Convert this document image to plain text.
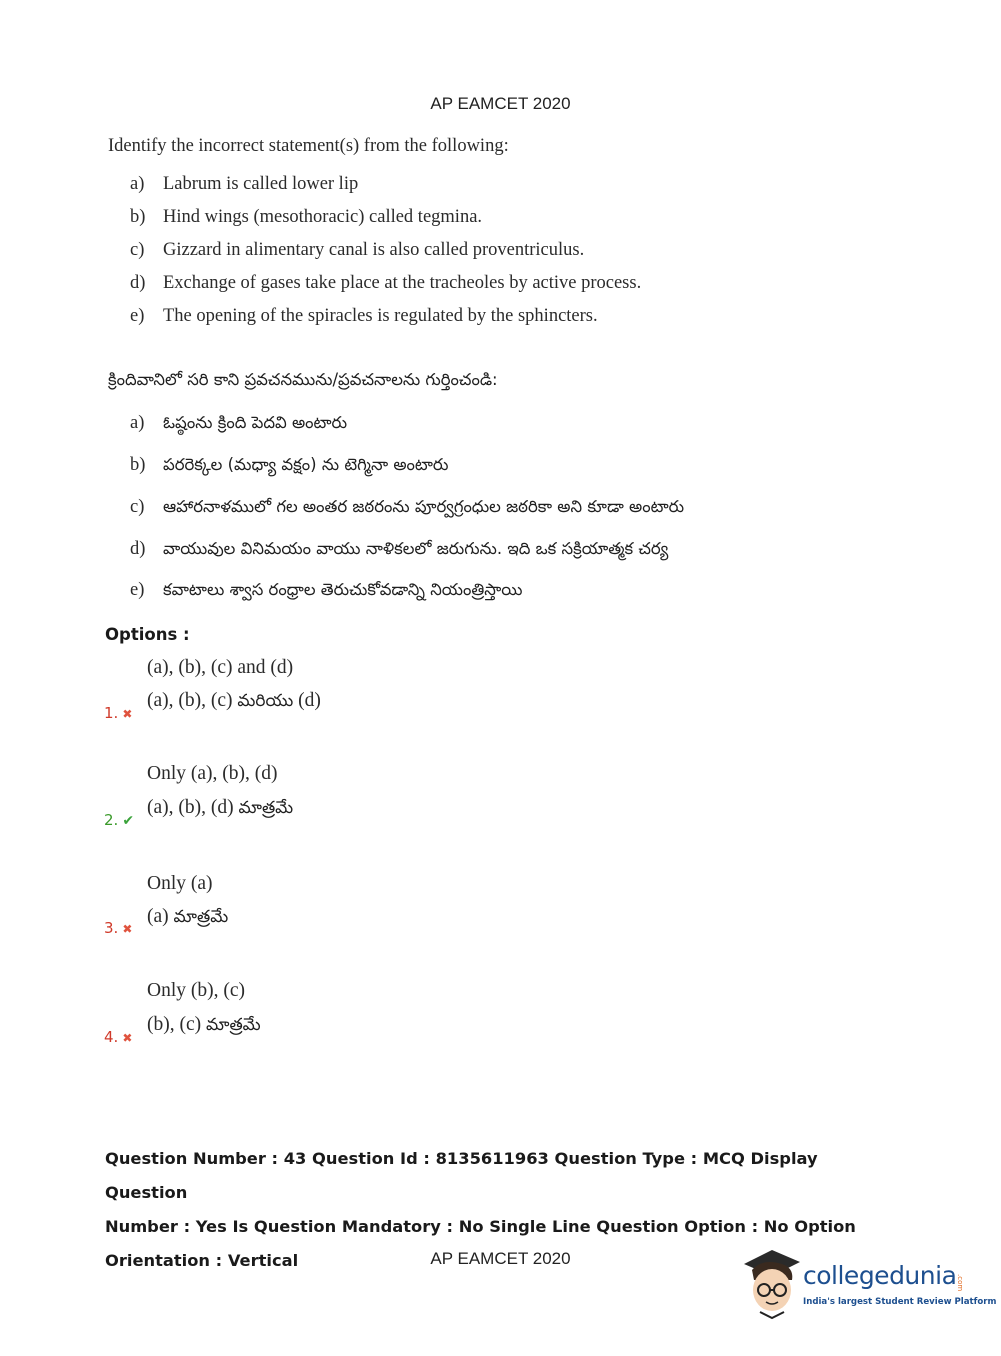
AP EAMCET 2020
Identify the incorrect statement(s) from the following:
a) Labrum is called lower lip
b) Hind wings (mesothoracic) called tegmina.
c) Gizzard in alimentary canal is also called proventriculus.
d) Exchange of gases take place at the tracheoles by active process.
e) The opening of the spiracles is regulated by the sphincters.
క్రిందివానిలో సరి కాని ప్రవచనమును/ప్రవచనాలను గుర్తించండి:
a) ఓష్ఠంను క్రింది పెదవి అంటారు
b) పరరెక్కల (మధ్యా వక్షం) ను టెగ్మినా అంటారు
c) ఆహారనాళములో గల అంతర జఠరంను పూర్వగ్రంధుల జఠరికా అని కూడా అంటారు
d) వాయువుల వినిమయం వాయు నాళికలలో జరుగును. ఇది ఒక సక్రియాత్మక చర్య
e) కవాటాలు శ్వాస రంధ్రాల తెరుచుకోవడాన్ని నియంత్రిస్తాయి
Options :
(a), (b), (c) and (d)
(a), (b), (c) మరియు (d)
1. ✖
Only (a), (b), (d)
(a), (b), (d) మాత్రమే
2. ✔
Only (a)
(a) మాత్రమే
3. ✖
Only (b), (c)
(b), (c) మాత్రమే
4. ✖
Question Number : 43 Question Id : 8135611963 Question Type : MCQ Display Question
Number : Yes Is Question Mandatory : No Single Line Question Option : No Option
Orientation : Vertical	AP EAMCET 2020
collegedunia .com
India's largest Student Review Platform
